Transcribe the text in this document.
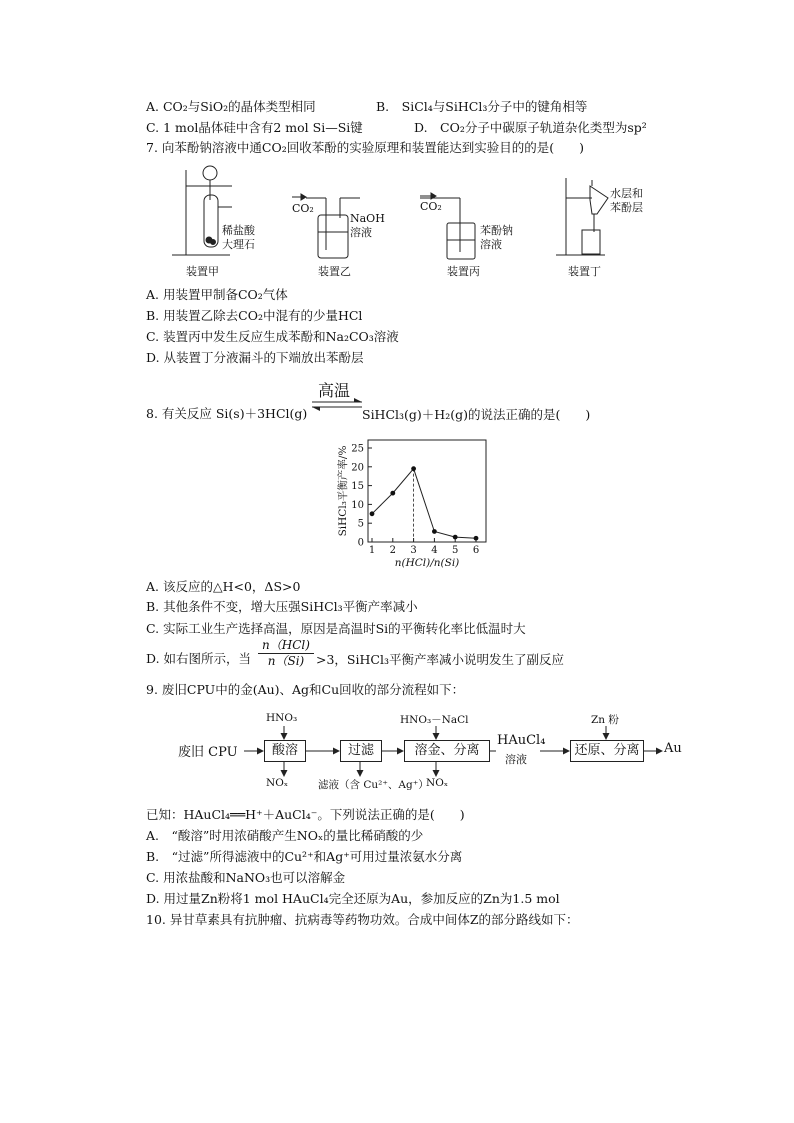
A. CO₂与SiO₂的晶体类型相同	B.　SiCl₄与SiHCl₃分子中的键角相等
C. 1 mol晶体硅中含有2 mol Si—Si键	D.　CO₂分子中碳原子轨道杂化类型为sp²
7. 向苯酚钠溶液中通CO₂回收苯酚的实验原理和装置能达到实验目的的是(　　)
稀盐酸
大理石
装置甲
CO₂
NaOH
溶液
装置乙
CO₂
苯酚钠
溶液
装置丙
水层和
苯酚层
装置丁
A. 用装置甲制备CO₂气体
B. 用装置乙除去CO₂中混有的少量HCl
C. 装置丙中发生反应生成苯酚和Na₂CO₃溶液
D. 从装置丁分液漏斗的下端放出苯酚层
8. 有关反应 Si(s)＋3HCl(g)
高温
SiHCl₃(g)＋H₂(g)的说法正确的是(　　)
0
5
10
15
20
25
1 2 3 4 5 6
n(HCl)/n(Si)
SiHCl₃平衡产率/%
A. 该反应的△H<0，ΔS>0
B. 其他条件不变，增大压强SiHCl₃平衡产率减小
C. 实际工业生产选择高温，原因是高温时Si的平衡转化率比低温时大
D. 如右图所示，当
n（HCl)
n（Si) >3，SiHCl₃平衡产率减小说明发生了副反应
9. 废旧CPU中的金(Au)、Ag和Cu回收的部分流程如下：
废旧 CPU	酸溶	过滤	溶金、分离
HAuCl₄
溶液
还原、分离	Au
HNO₃
NOₓ	滤液（含 Cu²⁺、Ag⁺）
HNO₃－NaCl
NOₓ
Zn 粉
已知：HAuCl₄══H⁺＋AuCl₄⁻。下列说法正确的是(　　)
A.　“酸溶”时用浓硝酸产生NOₓ的量比稀硝酸的少
B.　“过滤”所得滤液中的Cu²⁺和Ag⁺可用过量浓氨水分离
C. 用浓盐酸和NaNO₃也可以溶解金
D. 用过量Zn粉将1 mol HAuCl₄完全还原为Au，参加反应的Zn为1.5 mol
10. 异甘草素具有抗肿瘤、抗病毒等药物功效。合成中间体Z的部分路线如下：
